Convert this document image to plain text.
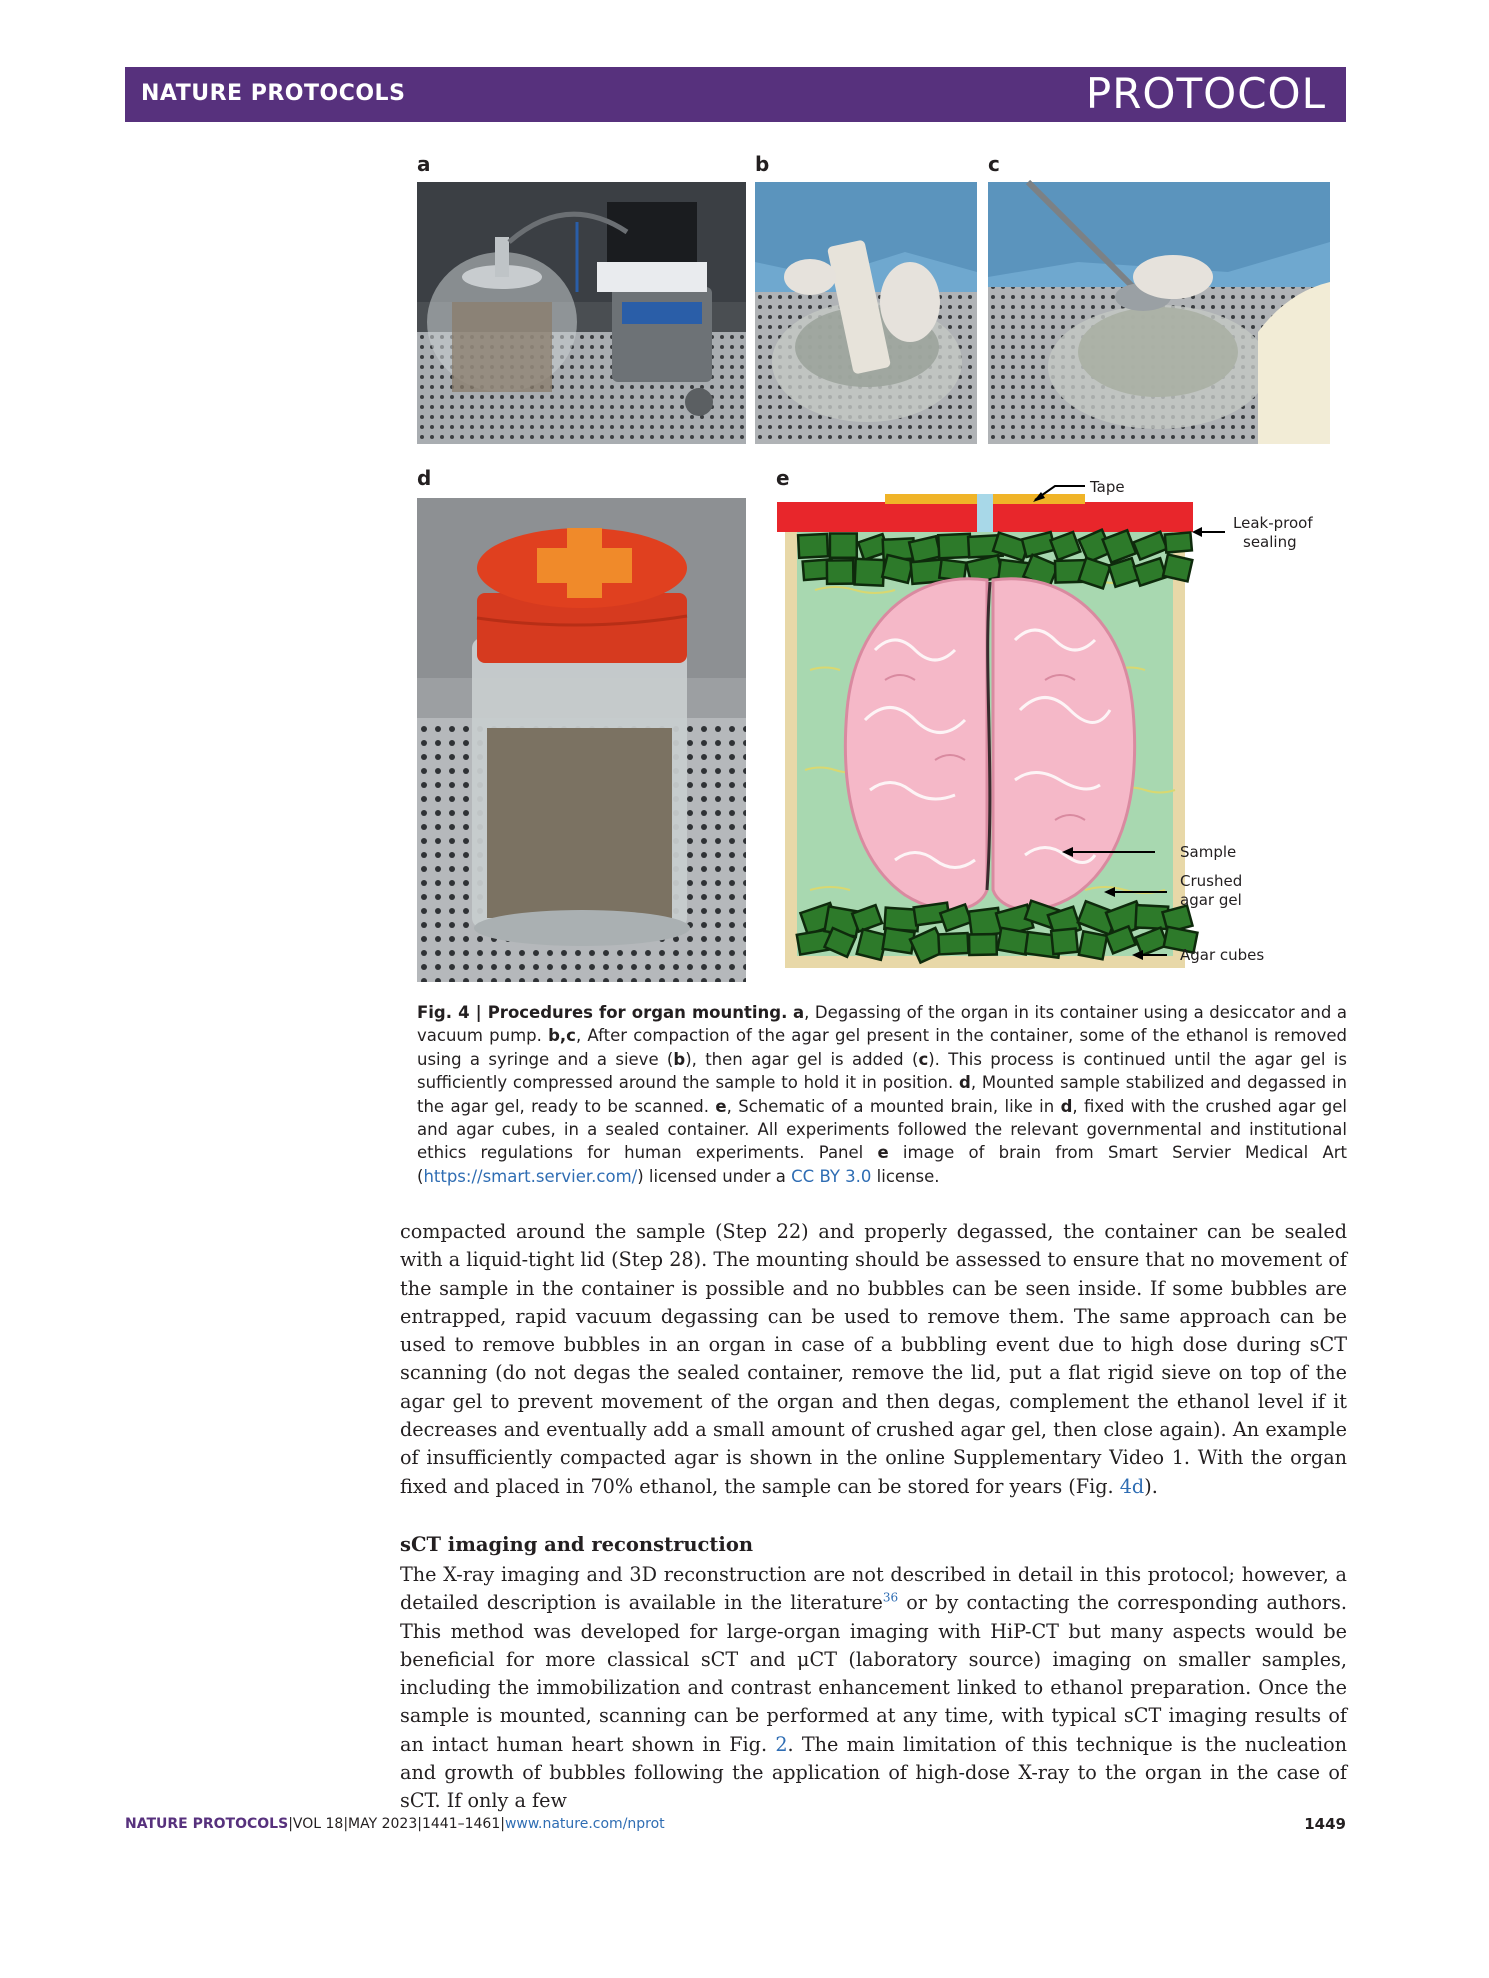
NATURE PROTOCOLS	PROTOCOL
a	b	c
d	e	Tape
Leak-proof
sealing
Sample
Crushed
agar gel
Agar cubes
Fig. 4 | Procedures for organ mounting. a, Degassing of the organ in its container using a desiccator and a vacuum pump. b,c, After compaction of the agar gel present in the container, some of the ethanol is removed using a syringe and a sieve (b), then agar gel is added (c). This process is continued until the agar gel is sufficiently compressed around the sample to hold it in position. d, Mounted sample stabilized and degassed in the agar gel, ready to be scanned. e, Schematic of a mounted brain, like in d, fixed with the crushed agar gel and agar cubes, in a sealed container. All experiments followed the relevant governmental and institutional ethics regulations for human experiments. Panel e image of brain from Smart Servier Medical Art (https://smart.servier.com/) licensed under a CC BY 3.0 license.
compacted around the sample (Step 22) and properly degassed, the container can be sealed with a liquid-tight lid (Step 28). The mounting should be assessed to ensure that no movement of the sample in the container is possible and no bubbles can be seen inside. If some bubbles are entrapped, rapid vacuum degassing can be used to remove them. The same approach can be used to remove bubbles in an organ in case of a bubbling event due to high dose during sCT scanning (do not degas the sealed container, remove the lid, put a flat rigid sieve on top of the agar gel to prevent movement of the organ and then degas, complement the ethanol level if it decreases and eventually add a small amount of crushed agar gel, then close again). An example of insufficiently compacted agar is shown in the online Supplementary Video 1. With the organ fixed and placed in 70% ethanol, the sample can be stored for years (Fig. 4d).
sCT imaging and reconstruction
The X-ray imaging and 3D reconstruction are not described in detail in this protocol; however, a detailed description is available in the literature$^{36}$ or by contacting the corresponding authors. This method was developed for large-organ imaging with HiP-CT but many aspects would be beneficial for more classical sCT and μCT (laboratory source) imaging on smaller samples, including the immobilization and contrast enhancement linked to ethanol preparation. Once the sample is mounted, scanning can be performed at any time, with typical sCT imaging results of an intact human heart shown in Fig. 2. The main limitation of this technique is the nucleation and growth of bubbles following the application of high-dose X-ray to the organ in the case of sCT. If only a few
NATURE PROTOCOLS|VOL 18|MAY 2023|1441–1461|www.nature.com/nprot	1449
